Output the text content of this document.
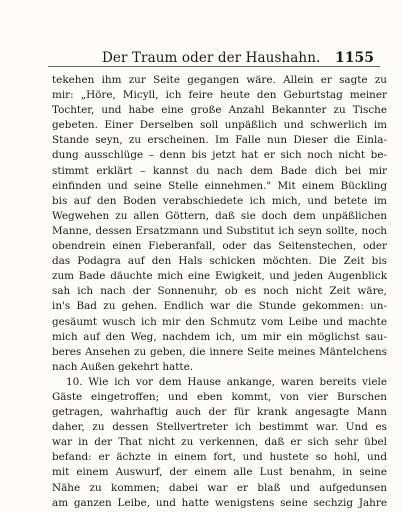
Der Traum oder der Haushahn. 1155
tekehen ihm zur Seite gegangen wäre. Allein er sagte zu
mir: „Höre, Micyll, ich feire heute den Geburtstag meiner
Tochter, und habe eine große Anzahl Bekannter zu Tische
gebeten. Einer Derselben soll unpäßlich und schwerlich im
Stande seyn, zu erscheinen. Im Falle nun Dieser die Einla-
dung ausschlüge – denn bis jetzt hat er sich noch nicht be-
stimmt erklärt – kannst du nach dem Bade dich bei mir
einfinden und seine Stelle einnehmen." Mit einem Bückling
bis auf den Boden verabschiedete ich mich, und betete im
Wegwehen zu allen Göttern, daß sie doch dem unpäßlichen
Manne, dessen Ersatzmann und Substitut ich seyn sollte, noch
obendrein einen Fieberanfall, oder das Seitenstechen, oder
das Podagra auf den Hals schicken möchten. Die Zeit bis
zum Bade däuchte mich eine Ewigkeit, und jeden Augenblick
sah ich nach der Sonnenuhr, ob es noch nicht Zeit wäre,
in's Bad zu gehen. Endlich war die Stunde gekommen: un-
gesäumt wusch ich mir den Schmutz vom Leibe und machte
mich auf den Weg, nachdem ich, um mir ein möglichst sau-
beres Ansehen zu geben, die innere Seite meines Mäntelchens
nach Außen gekehrt hatte.
10. Wie ich vor dem Hause ankange, waren bereits viele
Gäste eingetroffen; und eben kommt, von vier Burschen
getragen, wahrhaftig auch der für krank angesagte Mann
daher, zu dessen Stellvertreter ich bestimmt war. Und es
war in der That nicht zu verkennen, daß er sich sehr übel
befand: er ächzte in einem fort, und hustete so hohl, und
mit einem Auswurf, der einem alle Lust benahm, in seine
Nähe zu kommen; dabei war er blaß und aufgedunsen
am ganzen Leibe, und hatte wenigstens seine sechzig Jahre
